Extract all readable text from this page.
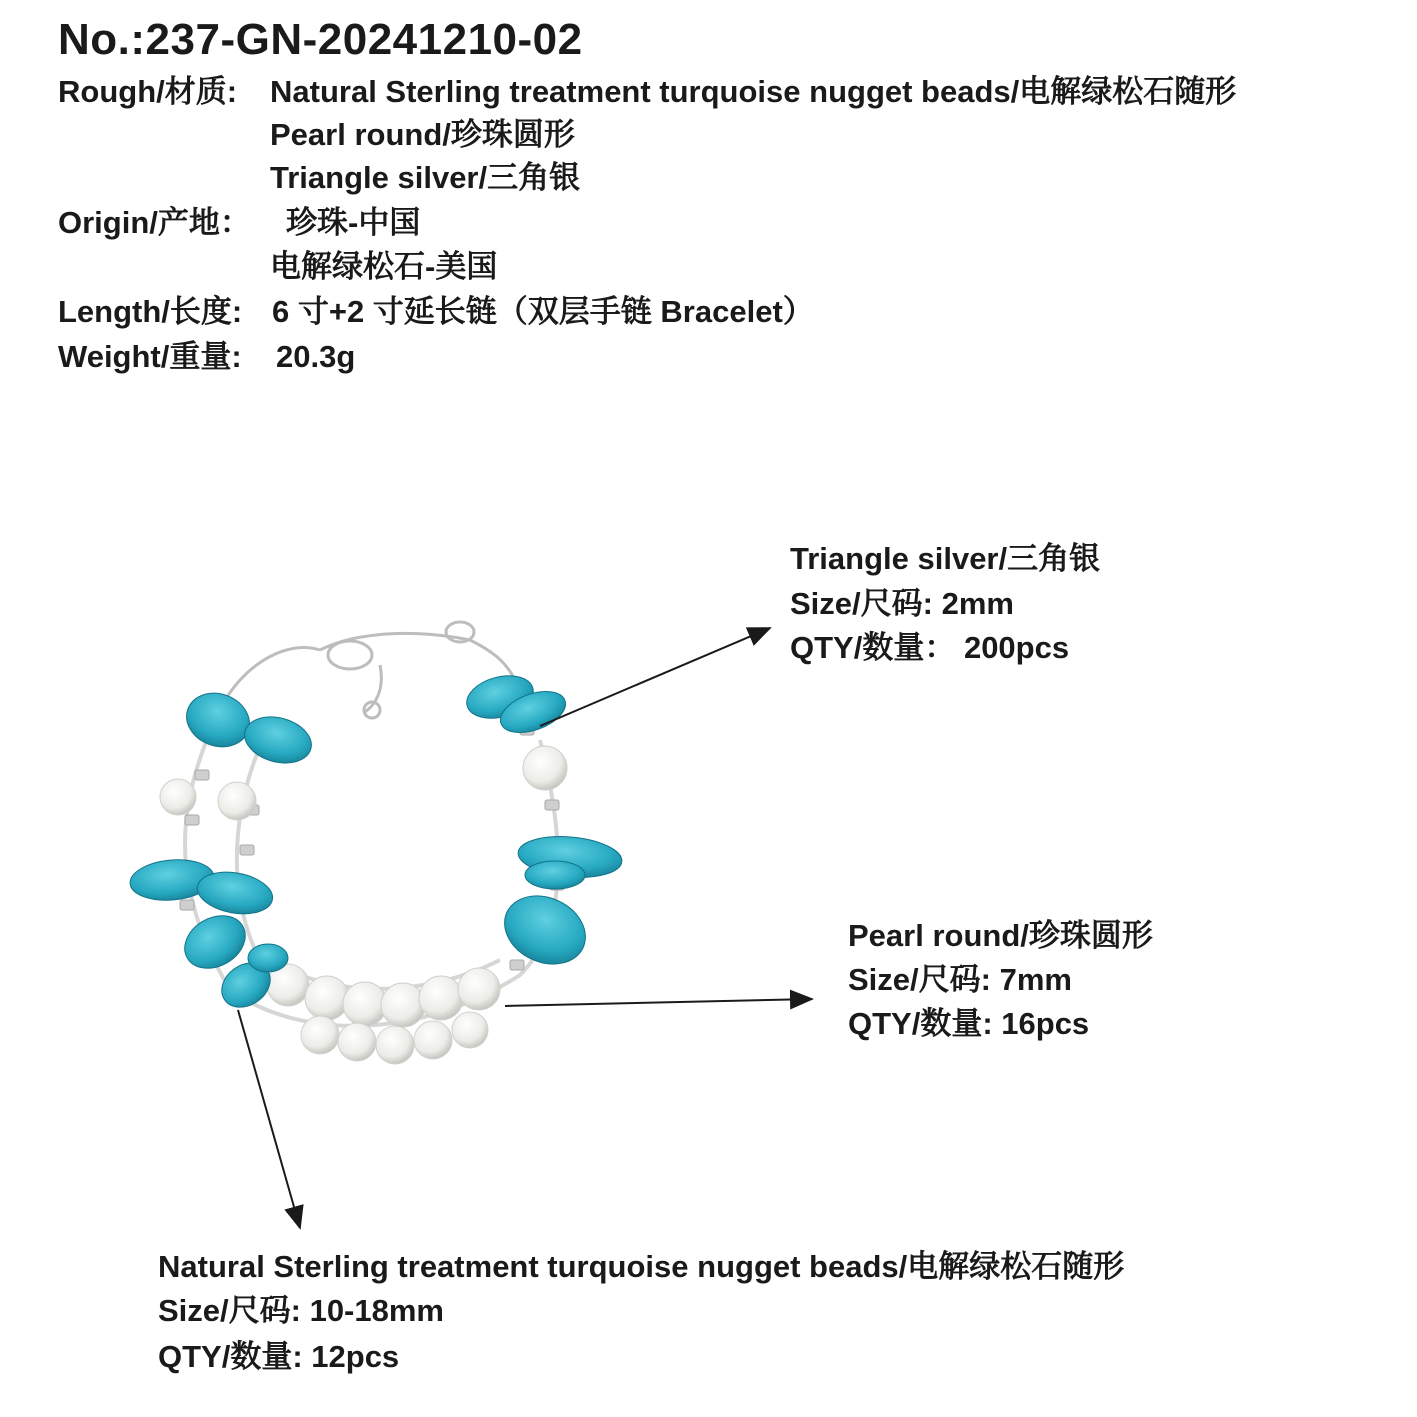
No.:237-GN-20241210-02
Rough/材质: Natural Sterling treatment turquoise nugget beads/电解绿松石随形
Pearl round/珍珠圆形
Triangle silver/三角银
Origin/产地： 珍珠-中国
电解绿松石-美国
Length/长度: 6 寸+2 寸延长链（双层手链 Bracelet）
Weight/重量: 20.3g
Triangle silver/三角银
Size/尺码: 2mm
QTY/数量： 200pcs
Pearl round/珍珠圆形
Size/尺码: 7mm
QTY/数量: 16pcs
Natural Sterling treatment turquoise nugget beads/电解绿松石随形
Size/尺码: 10-18mm
QTY/数量: 12pcs
